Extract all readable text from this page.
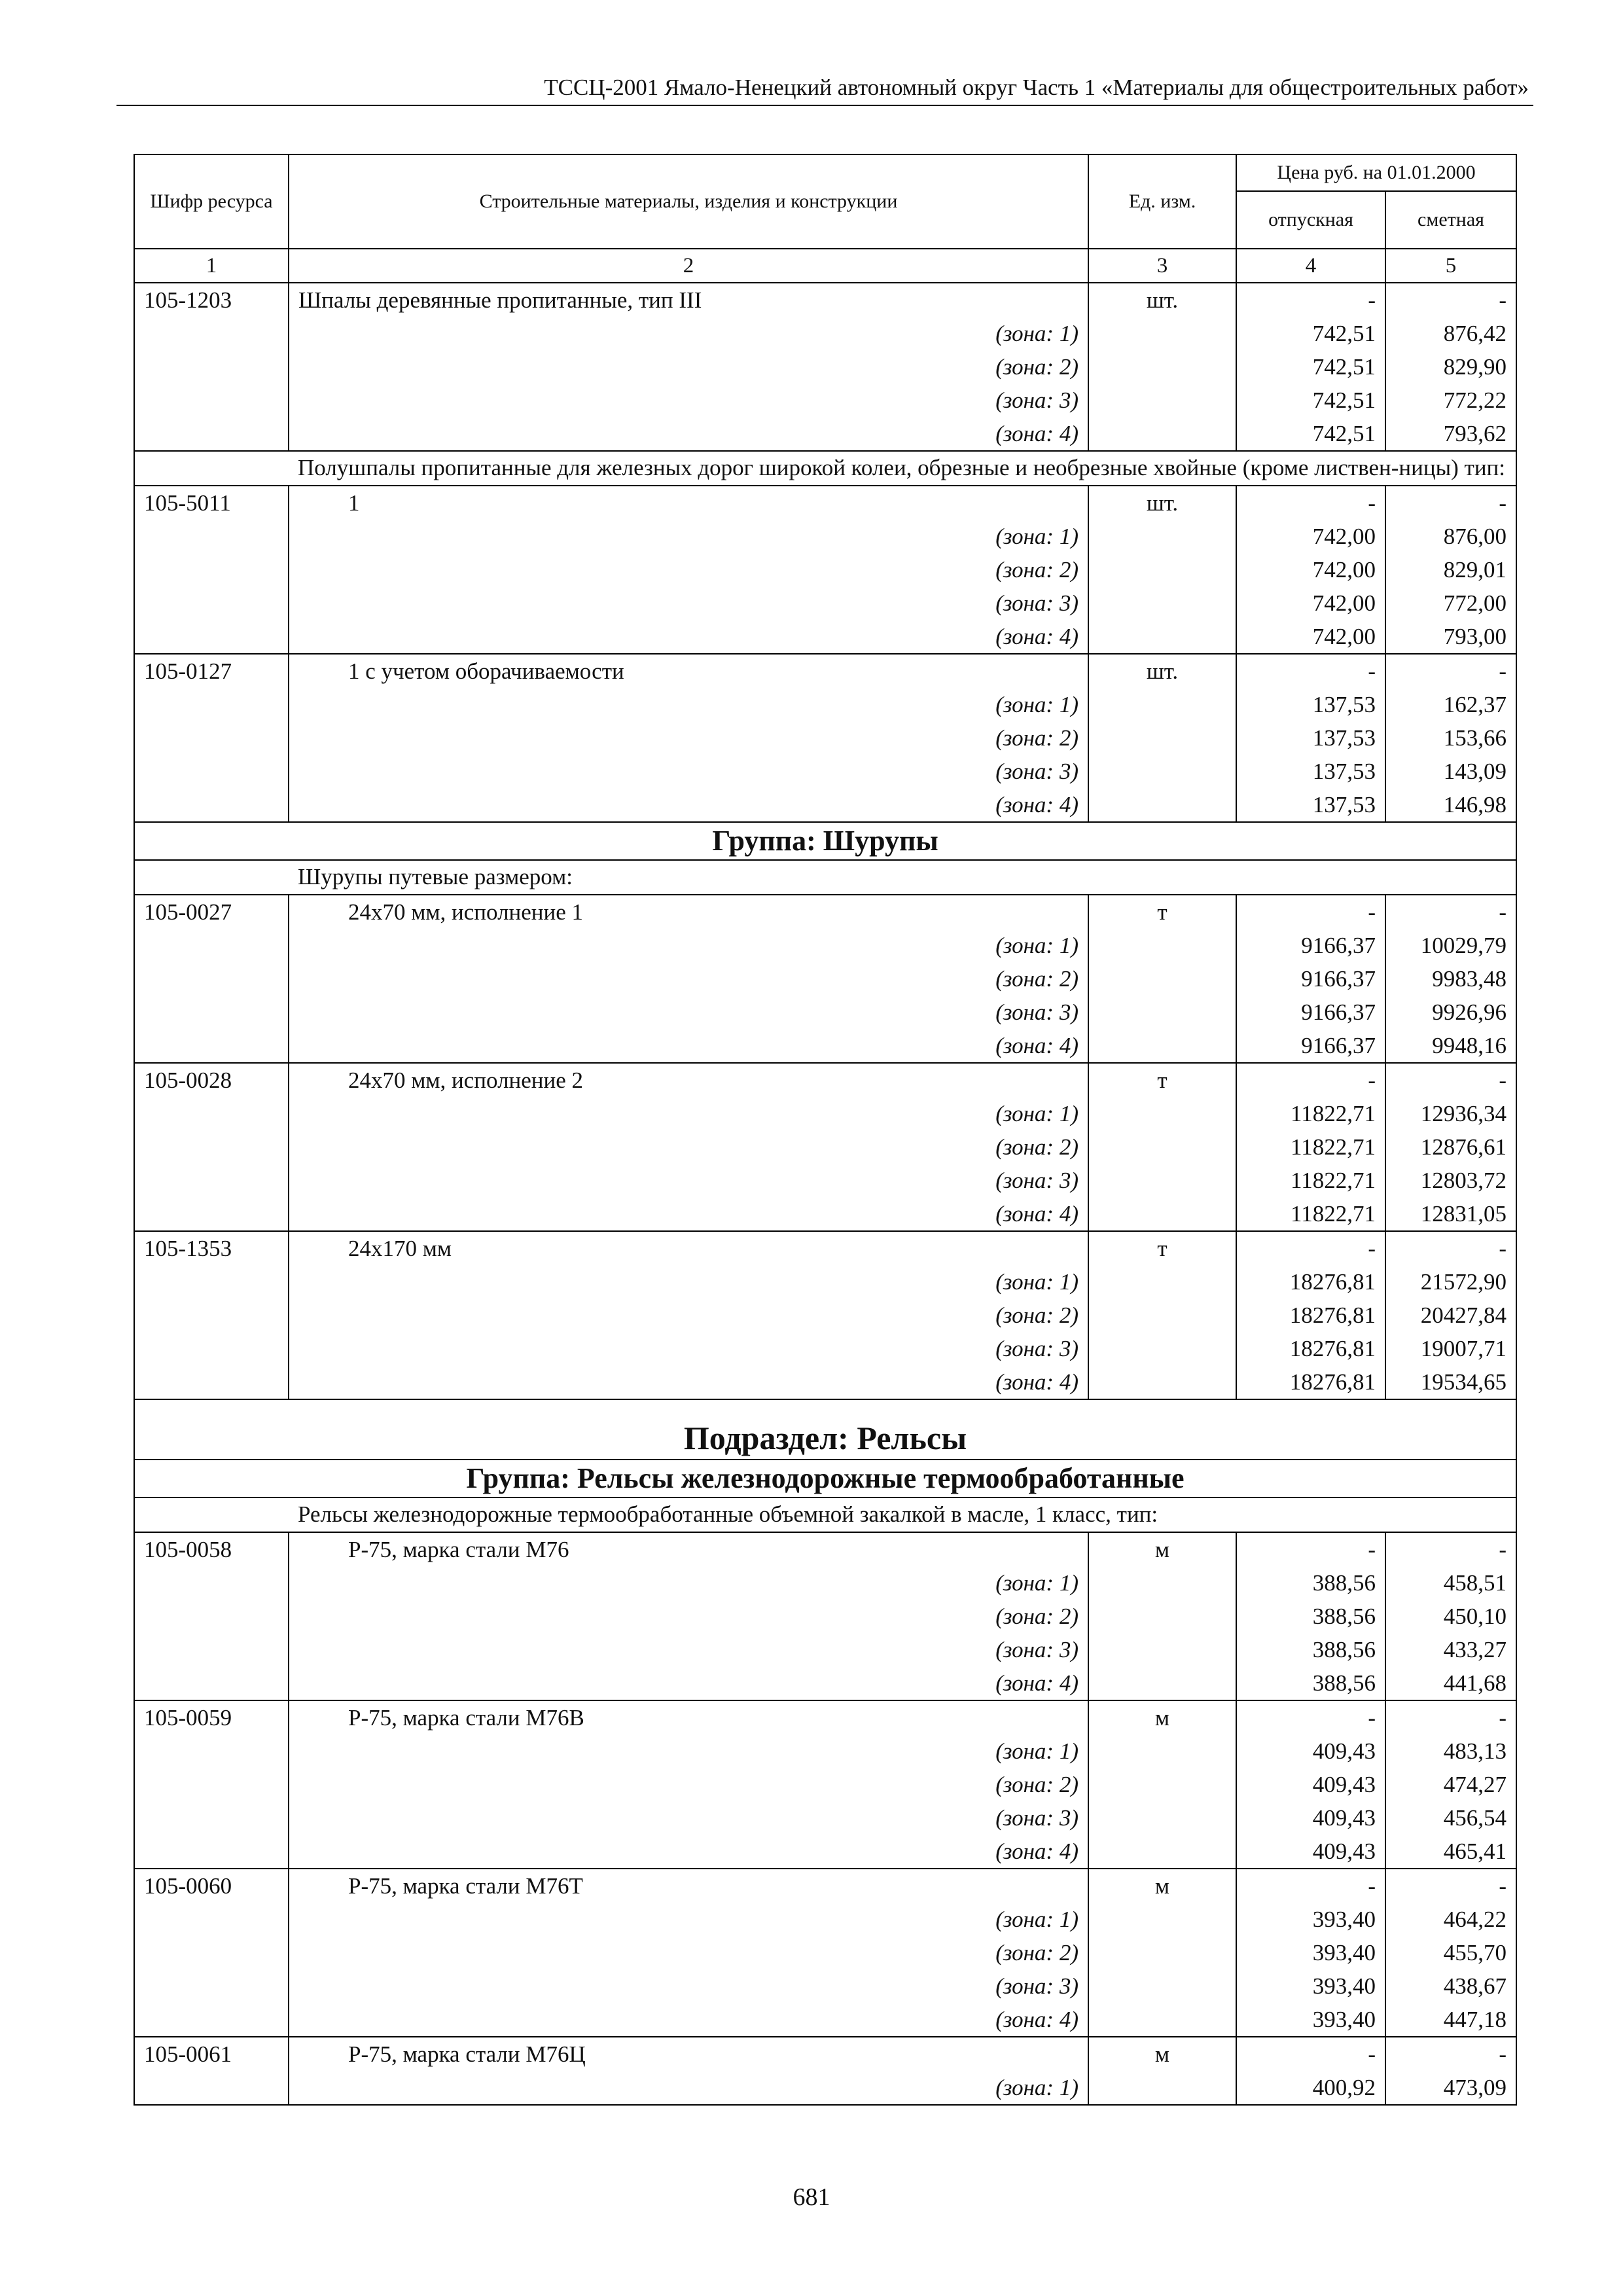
ТССЦ-2001 Ямало-Ненецкий автономный округ Часть 1 «Материалы для общестроительных работ»
Шифр ресурса	Строительные материалы, изделия и конструкции	Ед. изм.	Цена руб. на 01.01.2000	
			отпускная	сметная
1	2	3	4	5
105-1203	Шпалы деревянные пропитанные, тип III	шт.	-	-
	(зона: 1)		742,51	876,42
	(зона: 2)		742,51	829,90
	(зона: 3)		742,51	772,22
	(зона: 4)		742,51	793,62
	Полушпалы пропитанные для железных дорог широкой колеи, обрезные и необрезные хвойные (кроме листвен-ницы) тип:			
105-5011	1	шт.	-	-
	(зона: 1)		742,00	876,00
	(зона: 2)		742,00	829,01
	(зона: 3)		742,00	772,00
	(зона: 4)		742,00	793,00
105-0127	1 с учетом оборачиваемости	шт.	-	-
	(зона: 1)		137,53	162,37
	(зона: 2)		137,53	153,66
	(зона: 3)		137,53	143,09
	(зона: 4)		137,53	146,98
Группа: Шурупы				
	Шурупы путевые размером:			
105-0027	24х70 мм, исполнение 1	т	-	-
	(зона: 1)		9166,37	10029,79
	(зона: 2)		9166,37	9983,48
	(зона: 3)		9166,37	9926,96
	(зона: 4)		9166,37	9948,16
105-0028	24х70 мм, исполнение 2	т	-	-
	(зона: 1)		11822,71	12936,34
	(зона: 2)		11822,71	12876,61
	(зона: 3)		11822,71	12803,72
	(зона: 4)		11822,71	12831,05
105-1353	24х170 мм	т	-	-
	(зона: 1)		18276,81	21572,90
	(зона: 2)		18276,81	20427,84
	(зона: 3)		18276,81	19007,71
	(зона: 4)		18276,81	19534,65
Подраздел: Рельсы				
Группа: Рельсы железнодорожные термообработанные				
	Рельсы железнодорожные термообработанные объемной закалкой в масле, 1 класс, тип:			
105-0058	Р-75, марка стали М76	м	-	-
	(зона: 1)		388,56	458,51
	(зона: 2)		388,56	450,10
	(зона: 3)		388,56	433,27
	(зона: 4)		388,56	441,68
105-0059	Р-75, марка стали М76В	м	-	-
	(зона: 1)		409,43	483,13
	(зона: 2)		409,43	474,27
	(зона: 3)		409,43	456,54
	(зона: 4)		409,43	465,41
105-0060	Р-75, марка стали М76Т	м	-	-
	(зона: 1)		393,40	464,22
	(зона: 2)		393,40	455,70
	(зона: 3)		393,40	438,67
	(зона: 4)		393,40	447,18
105-0061	Р-75, марка стали М76Ц	м	-	-
	(зона: 1)		400,92	473,09
681
